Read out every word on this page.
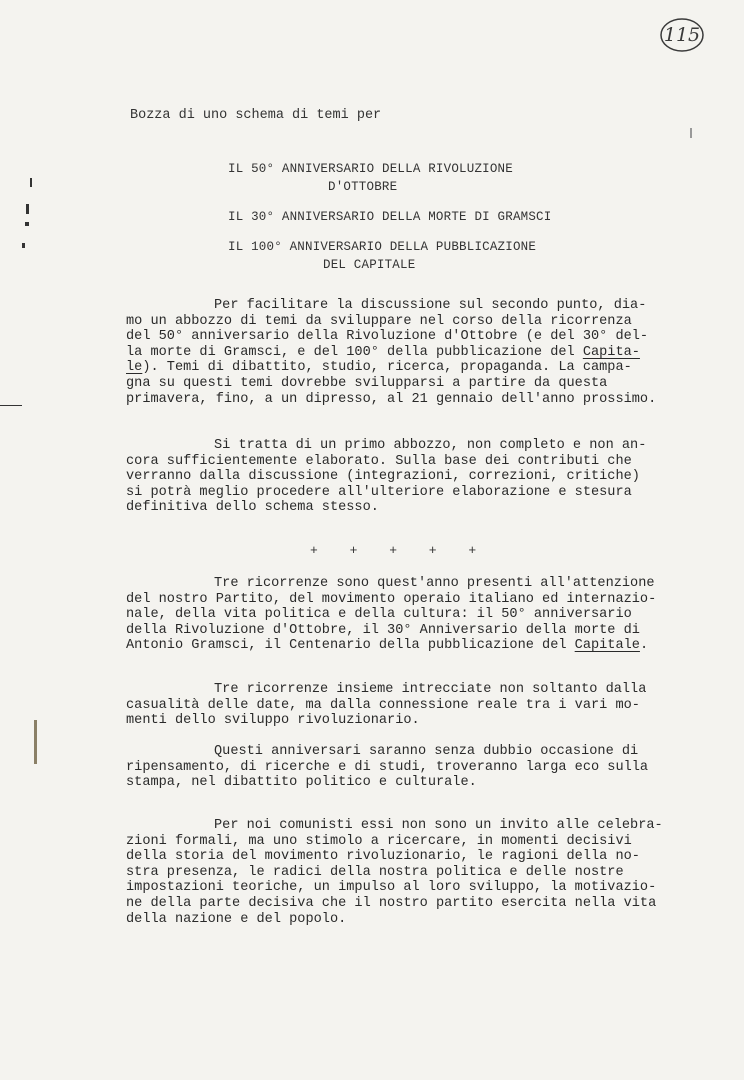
115
Bozza di uno schema di temi per
IL 50° ANNIVERSARIO DELLA RIVOLUZIONE
D'OTTOBRE
IL 30° ANNIVERSARIO DELLA MORTE DI GRAMSCI
IL 100° ANNIVERSARIO DELLA PUBBLICAZIONE
DEL CAPITALE

Per facilitare la discussione sul secondo punto, dia-

mo un abbozzo di temi da sviluppare nel corso della ricorrenza

del 50° anniversario della Rivoluzione d'Ottobre (e del 30° del-

la morte di Gramsci, e del 100° della pubblicazione del Capita-

le). Temi di dibattito, studio, ricerca, propaganda. La campa-

gna su questi temi dovrebbe svilupparsi a partire da questa

primavera, fino, a un dipresso, al 21 gennaio dell'anno prossimo.

Si tratta di un primo abbozzo, non completo e non an-

cora sufficientemente elaborato. Sulla base dei contributi che

verranno dalla discussione (integrazioni, correzioni, critiche)

si potrà meglio procedere all'ulteriore elaborazione e stesura

definitiva dello schema stesso.

+ + + + +

Tre ricorrenze sono quest'anno presenti all'attenzione

del nostro Partito, del movimento operaio italiano ed internazio-

nale, della vita politica e della cultura: il 50° anniversario

della Rivoluzione d'Ottobre, il 30° Anniversario della morte di

Antonio Gramsci, il Centenario della pubblicazione del Capitale.

Tre ricorrenze insieme intrecciate non soltanto dalla

casualità delle date, ma dalla connessione reale tra i vari mo-

menti dello sviluppo rivoluzionario.

Questi anniversari saranno senza dubbio occasione di

ripensamento, di ricerche e di studi, troveranno larga eco sulla

stampa, nel dibattito politico e culturale.

Per noi comunisti essi non sono un invito alle celebra-

zioni formali, ma uno stimolo a ricercare, in momenti decisivi

della storia del movimento rivoluzionario, le ragioni della no-

stra presenza, le radici della nostra politica e delle nostre

impostazioni teoriche, un impulso al loro sviluppo, la motivazio-

ne della parte decisiva che il nostro partito esercita nella vita

della nazione e del popolo.
